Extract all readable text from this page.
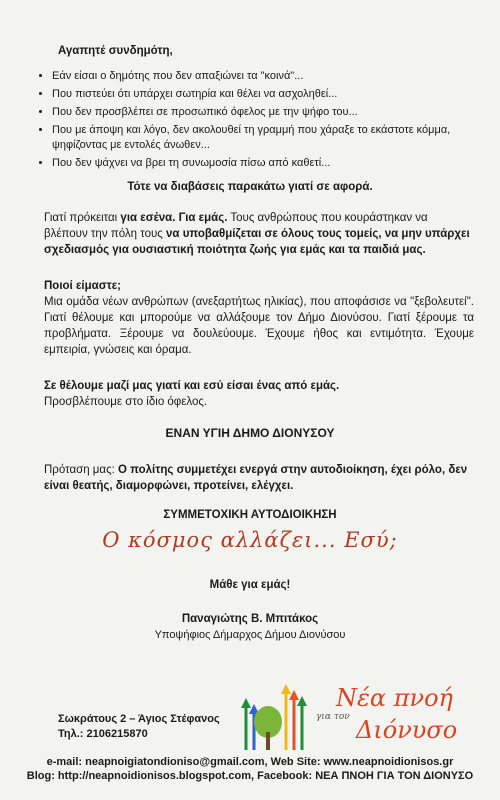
Αγαπητέ συνδημότη,
• Εάν είσαι ο δημότης που δεν απαξιώνει τα "κοινά"...
• Που πιστεύει ότι υπάρχει σωτηρία και θέλει να ασχοληθεί...
• Που δεν προσβλέπει σε προσωπικό όφελος με την ψήφο του...
• Που με άποψη και λόγο, δεν ακολουθεί τη γραμμή που χάραξε το εκάστοτε κόμμα, ψηφίζοντας με εντολές άνωθεν...
• Που δεν ψάχνει να βρει τη συνωμοσία πίσω από καθετί...
Τότε να διαβάσεις παρακάτω γιατί σε αφορά.
Γιατί πρόκειται για εσένα. Για εμάς. Τους ανθρώπους που κουράστηκαν να βλέπουν την πόλη τους να υποβαθμίζεται σε όλους τους τομείς, να μην υπάρχει σχεδιασμός για ουσιαστική ποιότητα ζωής για εμάς και τα παιδιά μας.
Ποιοί είμαστε;
Μια ομάδα νέων ανθρώπων (ανεξαρτήτως ηλικίας), που αποφάσισε να "ξεβολευτεί". Γιατί θέλουμε και μπορούμε να αλλάξουμε τον Δήμο Διονύσου. Γιατί ξέρουμε τα προβλήματα. Ξέρουμε να δουλεύουμε. Έχουμε ήθος και εντιμότητα. Έχουμε εμπειρία, γνώσεις και όραμα.
Σε θέλουμε μαζί μας γιατί και εσύ είσαι ένας από εμάς.
Προσβλέπουμε στο ίδιο όφελος.
ΕΝΑΝ ΥΓΙΗ ΔΗΜΟ ΔΙΟΝΥΣΟΥ
Πρόταση μας: Ο πολίτης συμμετέχει ενεργά στην αυτοδιοίκηση, έχει ρόλο, δεν είναι θεατής, διαμορφώνει, προτείνει, ελέγχει.
ΣΥΜΜΕΤΟΧΙΚΗ ΑΥΤΟΔΙΟΙΚΗΣΗ
Ο κόσμος αλλάζει... Εσύ;
Μάθε για εμάς!
Παναγιώτης Β. Μπιτάκος
Υποψήφιος Δήμαρχος Δήμου Διονύσου
Σωκράτους 2 – Άγιος Στέφανος
Τηλ.: 2106215870
Νέα πνοή
για τον Διόνυσο
e-mail: neapnoigiatondioniso@gmail.com, Web Site: www.neapnoidionisos.gr
Blog: http://neapnoidionisos.blogspot.com, Facebook: ΝΕΑ ΠΝΟΗ ΓΙΑ ΤΟΝ ΔΙΟΝΥΣΟ
